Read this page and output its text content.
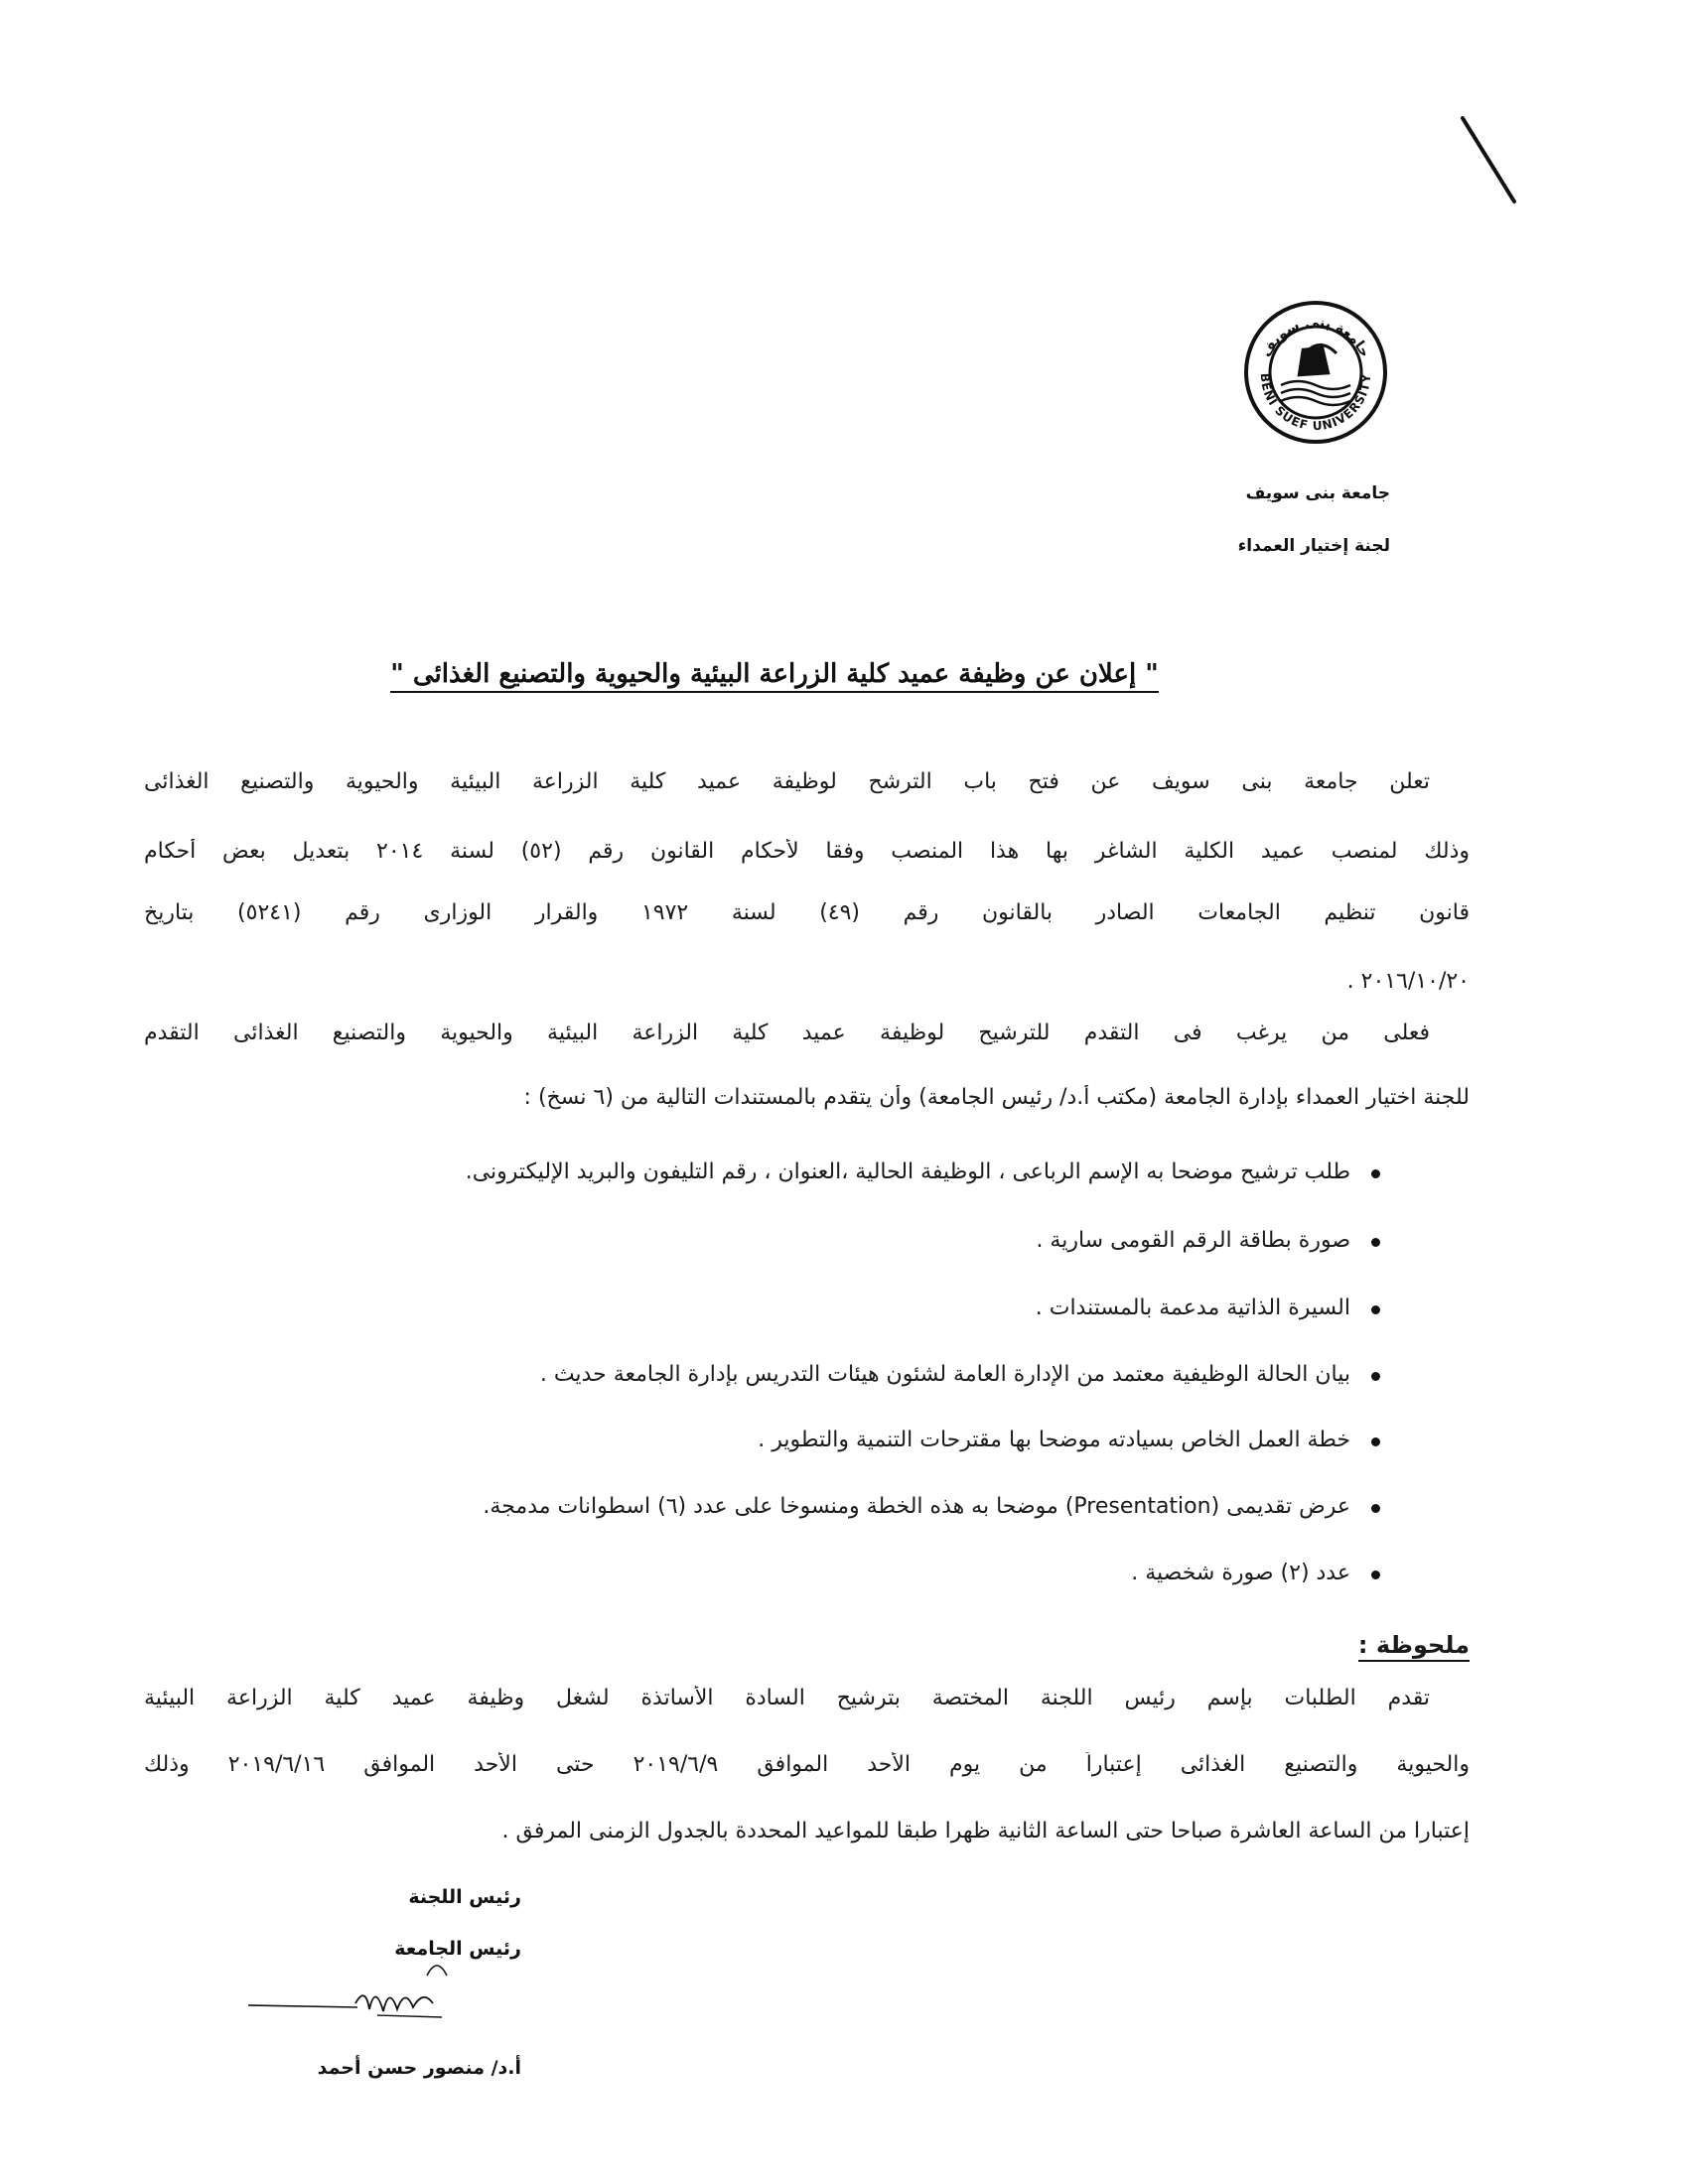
BENI SUEF UNIVERSITY
جامعة بنى سويف
جامعة بنى سويف
لجنة إختيار العمداء
" إعلان عن وظيفة عميد كلية الزراعة البيئية والحيوية والتصنيع الغذائى "
تعلن جامعة بنى سويف عن فتح باب الترشح لوظيفة عميد كلية الزراعة البيئية والحيوية والتصنيع الغذائى
وذلك لمنصب عميد الكلية الشاغر بها هذا المنصب وفقا لأحكام القانون رقم (٥٢) لسنة ٢٠١٤ بتعديل بعض أحكام
قانون تنظيم الجامعات الصادر بالقانون رقم (٤٩) لسنة ١٩٧٢ والقرار الوزارى رقم (٥٢٤١) بتاريخ
٢٠١٦/١٠/٢٠ .
فعلى من يرغب فى التقدم للترشيح لوظيفة عميد كلية الزراعة البيئية والحيوية والتصنيع الغذائى التقدم
للجنة اختيار العمداء بإدارة الجامعة (مكتب أ.د/ رئيس الجامعة) وأن يتقدم بالمستندات التالية من (٦ نسخ) :
طلب ترشيح موضحا به الإسم الرباعى ، الوظيفة الحالية ،العنوان ، رقم التليفون والبريد الإليكترونى.
صورة بطاقة الرقم القومى سارية .
السيرة الذاتية مدعمة بالمستندات .
بيان الحالة الوظيفية معتمد من الإدارة العامة لشئون هيئات التدريس بإدارة الجامعة حديث .
خطة العمل الخاص بسيادته موضحا بها مقترحات التنمية والتطوير .
عرض تقديمى (Presentation) موضحا به هذه الخطة ومنسوخا على عدد (٦) اسطوانات مدمجة.
عدد (٢) صورة شخصية .
ملحوظة :
تقدم الطلبات بإسم رئيس اللجنة المختصة بترشيح السادة الأساتذة لشغل وظيفة عميد كلية الزراعة البيئية
والحيوية والتصنيع الغذائى إعتباراً من يوم الأحد الموافق ٢٠١٩/٦/٩ حتى الأحد الموافق ٢٠١٩/٦/١٦ وذلك
إعتبارا من الساعة العاشرة صباحا حتى الساعة الثانية ظهرا طبقا للمواعيد المحددة بالجدول الزمنى المرفق .
رئيس اللجنة
رئيس الجامعة
أ.د/ منصور حسن أحمد
